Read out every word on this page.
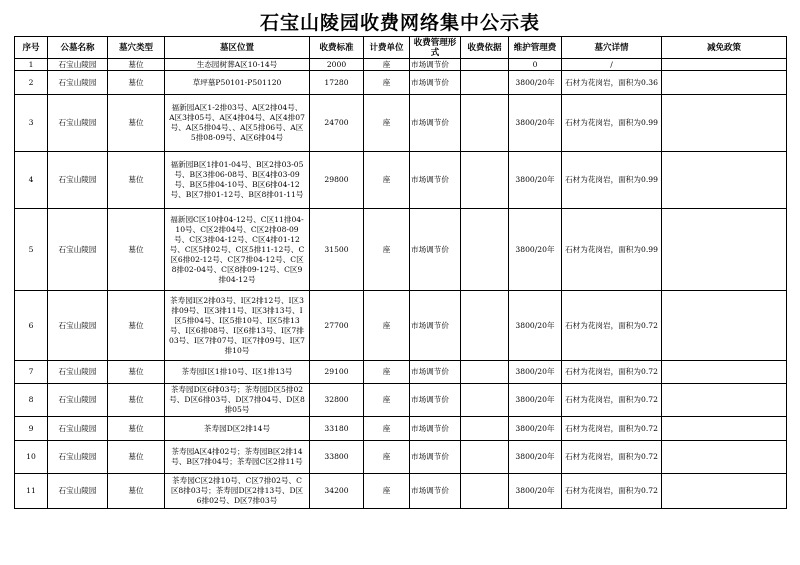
石宝山陵园收费网络集中公示表
序号	公墓名称	墓穴类型	墓区位置	收费标准	计费单位	收费管理形　式	收费依据	维护管理费	墓穴详情	减免政策
1	石宝山陵园	墓位	生态园树葬A区10-14号	2000	座	市场调节价		0	/	
2	石宝山陵园	墓位	草坪墓P50101-P501120	17280	座	市场调节价		3800/20年	石材为花岗岩，面积为0.36	
3	石宝山陵园	墓位	福新园A区1-2排03号、A区2排04号、A区3排05号、A区4排04号、A区4排07号、A区5排04号、、A区5排06号、A区5排08-09号、A区6排04号	24700	座	市场调节价		3800/20年	石材为花岗岩，面积为0.99	
4	石宝山陵园	墓位	福新园B区1排01-04号、B区2排03-05号、B区3排06-08号、B区4排03-09号、B区5排04-10号、B区6排04-12号、B区7排01-12号、B区8排01-11号	29800	座	市场调节价		3800/20年	石材为花岗岩，面积为0.99	
5	石宝山陵园	墓位	福新园C区10排04-12号、C区11排04-10号、C区2排04号、C区2排08-09号、C区3排04-12号、C区4排01-12号、C区5排02号、C区5排11-12号、C区6排02-12号、C区7排04-12号、C区8排02-04号、C区8排09-12号、C区9排04-12号	31500	座	市场调节价		3800/20年	石材为花岗岩，面积为0.99	
6	石宝山陵园	墓位	茶寿园I区2排03号、I区2排12号、I区3排09号、I区3排11号、I区3排13号、I区5排04号、I区5排10号、I区5排13号、I区6排08号、I区6排13号、I区7排03号、I区7排07号、I区7排09号、I区7排10号	27700	座	市场调节价		3800/20年	石材为花岗岩，面积为0.72	
7	石宝山陵园	墓位	茶寿园I区1排10号、I区1排13号	29100	座	市场调节价		3800/20年	石材为花岗岩，面积为0.72	
8	石宝山陵园	墓位	茶寿园D区6排03号；茶寿园D区5排02号、D区6排03号、D区7排04号、D区8排05号	32800	座	市场调节价		3800/20年	石材为花岗岩，面积为0.72	
9	石宝山陵园	墓位	茶寿园D区2排14号	33180	座	市场调节价		3800/20年	石材为花岗岩，面积为0.72	
10	石宝山陵园	墓位	茶寿园A区4排02号；茶寿园B区2排14号、B区7排04号；茶寿园C区2排11号	33800	座	市场调节价		3800/20年	石材为花岗岩，面积为0.72	
11	石宝山陵园	墓位	茶寿园C区2排10号、C区7排02号、C区8排03号；茶寿园D区2排13号、D区6排02号、D区7排03号	34200	座	市场调节价		3800/20年	石材为花岗岩，面积为0.72	
